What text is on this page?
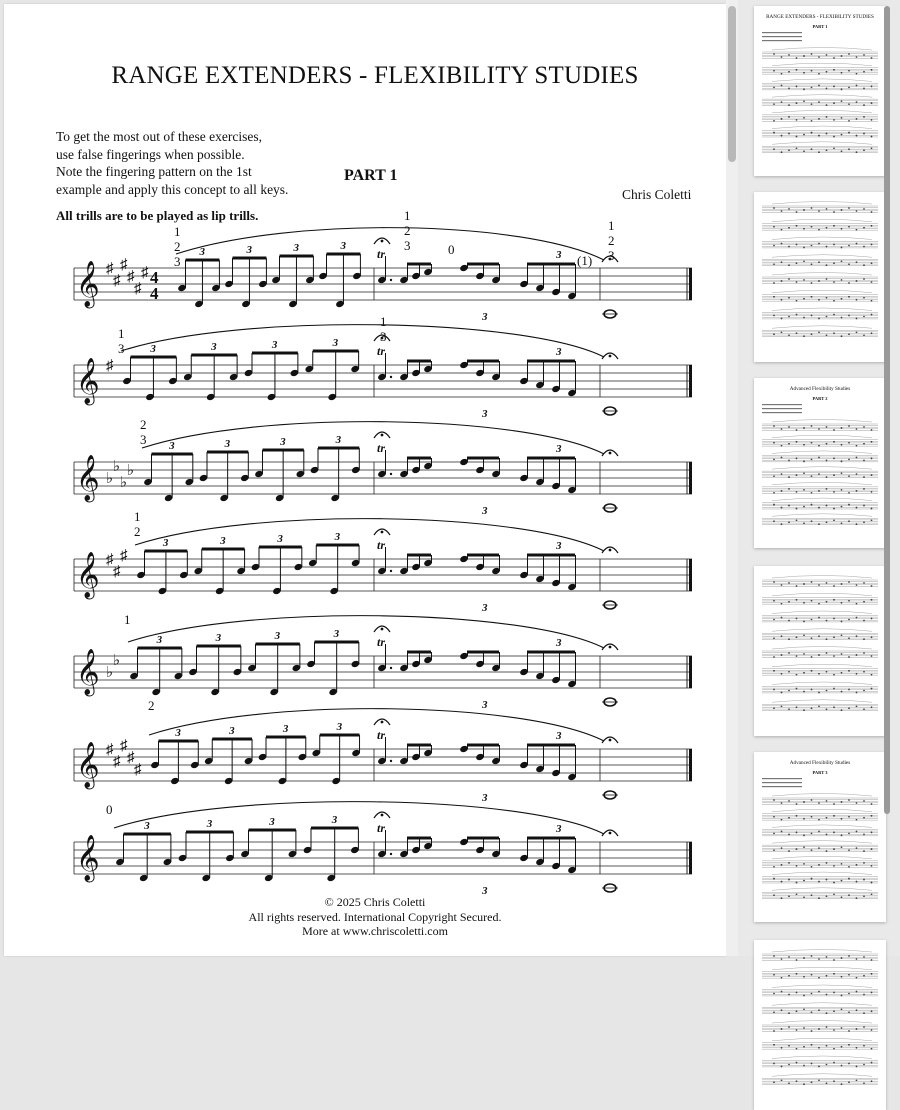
𝄞 ♯
♯
♯
♯
♯
♯ 4
4
3	3	3	3
tr
3
3
𝄞 ♯
3	3	3	3
tr
3
3
𝄞 ♭
♭
♭
♭
3	3	3	3
tr
3
3
𝄞 ♯
♯
♯
3	3	3	3
tr
3
3
𝄞 ♭
♭
3	3	3	3
tr
3
3
𝄞 ♯
♯
♯
♯
♯
3	3	3	3
tr
3
3
𝄞
3	3	3	3
tr
3
3
1
2
3
1
2
3	0
(1)
1
2
3
1
3
1
3
2
3
1
2
1
2
0
RANGE EXTENDERS - FLEXIBILITY STUDIES
To get the most out of these exercises,
use false fingerings when possible.
Note the fingering pattern on the 1st
example and apply this concept to all keys.
PART 1
Chris Coletti
All trills are to be played as lip trills.
© 2025 Chris Coletti
All rights reserved. International Copyright Secured.
More at www.chriscoletti.com
RANGE EXTENDERS - FLEXIBILITY STUDIES
PART 1
Advanced Flexibility Studies
PART 2
Advanced Flexibility Studies
PART 3
